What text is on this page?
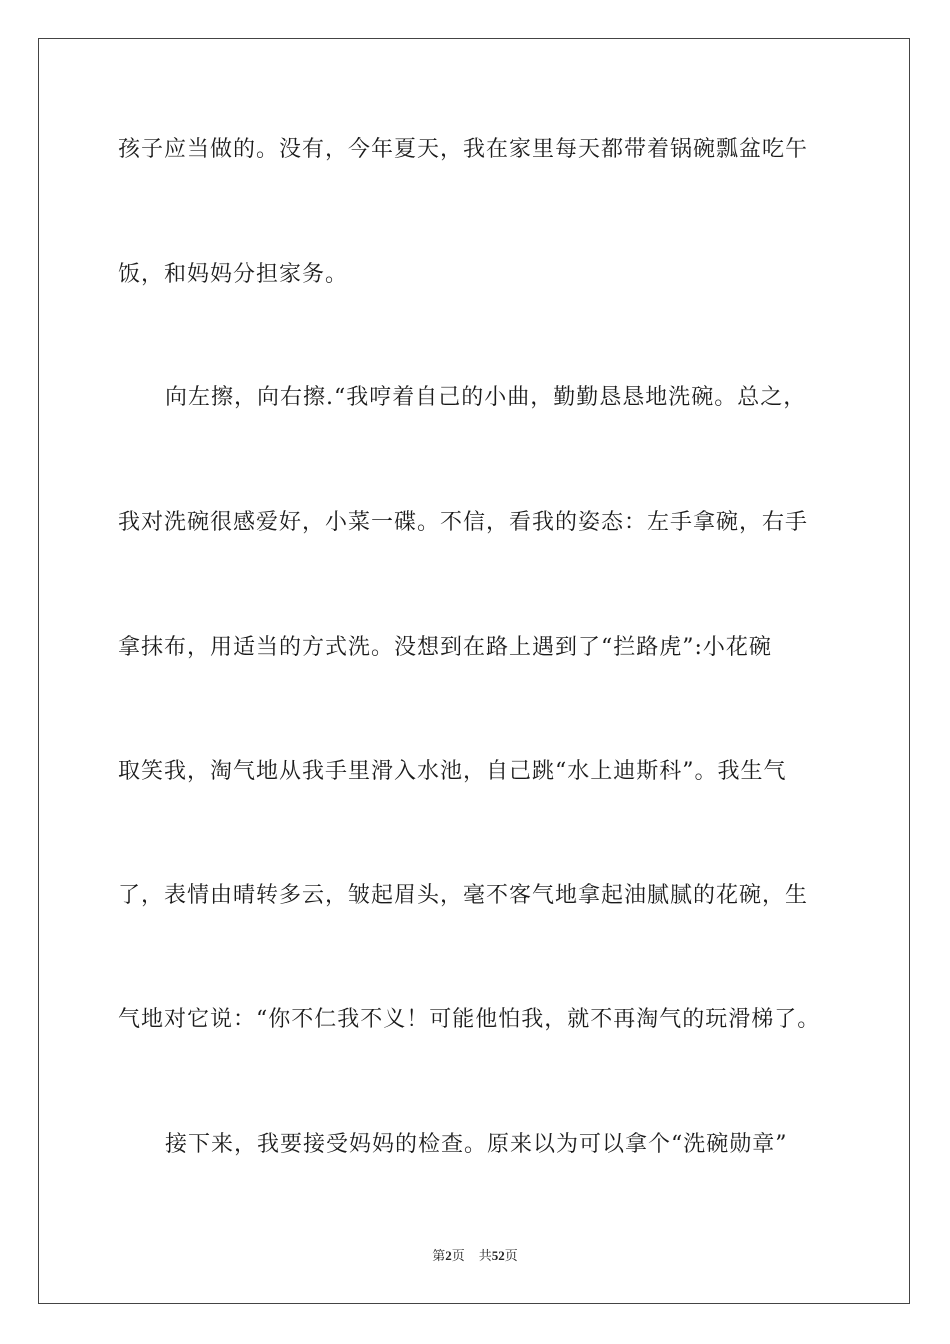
孩子应当做的。没有，今年夏天，我在家里每天都带着锅碗瓢盆吃午
饭，和妈妈分担家务。
向左擦，向右擦.“我哼着自己的小曲，勤勤恳恳地洗碗。总之，
我对洗碗很感爱好，小菜一碟。不信，看我的姿态：左手拿碗，右手
拿抹布，用适当的方式洗。没想到在路上遇到了“拦路虎”:小花碗
取笑我，淘气地从我手里滑入水池，自己跳“水上迪斯科”。我生气
了，表情由晴转多云，皱起眉头，毫不客气地拿起油腻腻的花碗，生
气地对它说：“你不仁我不义！可能他怕我，就不再淘气的玩滑梯了。
接下来，我要接受妈妈的检查。原来以为可以拿个“洗碗勋章”
第2页 共52页
